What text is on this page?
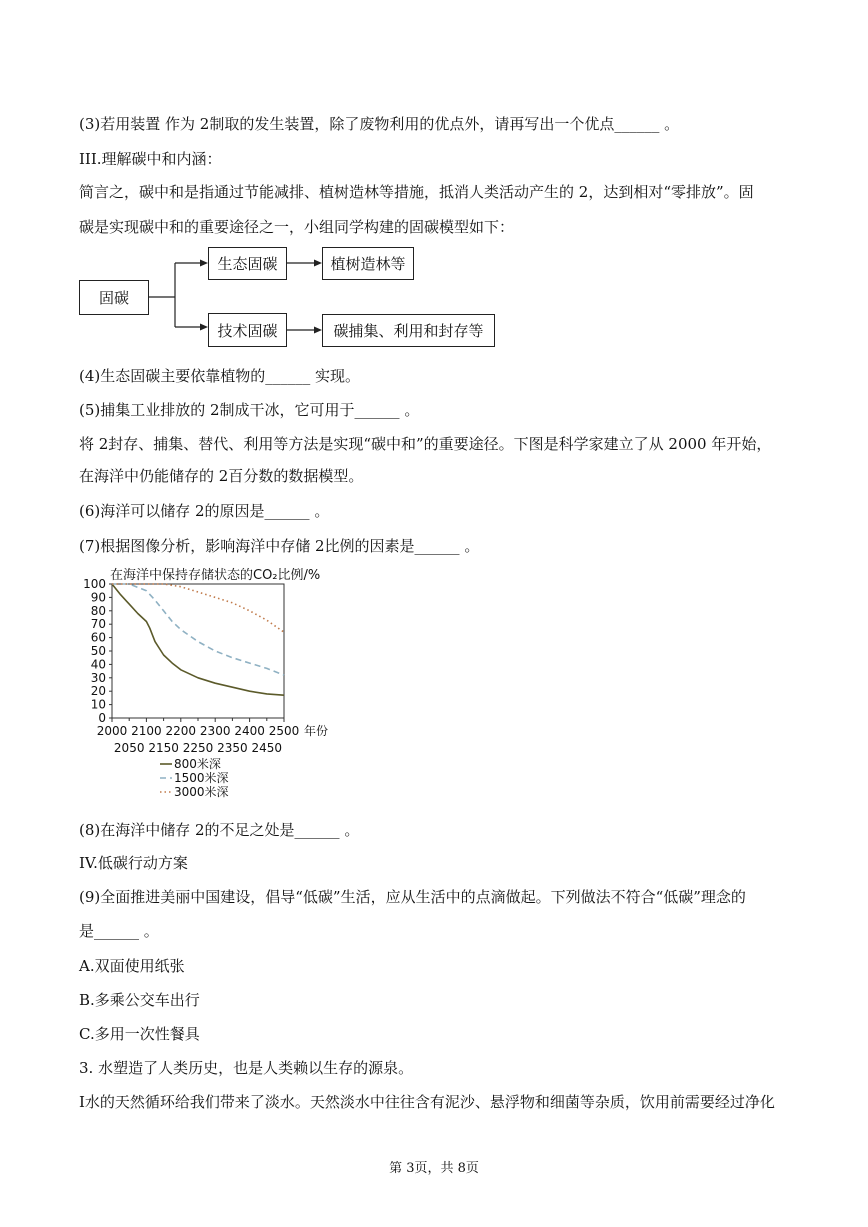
(3)若用装置 作为 2制取的发生装置，除了废物利用的优点外，请再写出一个优点______ 。
III.理解碳中和内涵：
简言之，碳中和是指通过节能减排、植树造林等措施，抵消人类活动产生的 2，达到相对“零排放”。固
碳是实现碳中和的重要途径之一，小组同学构建的固碳模型如下：
(4)生态固碳主要依靠植物的______ 实现。
(5)捕集工业排放的 2制成干冰，它可用于______ 。
将 2封存、捕集、替代、利用等方法是实现“碳中和”的重要途径。下图是科学家建立了从 2000 年开始，
在海洋中仍能储存的 2百分数的数据模型。
(6)海洋可以储存 2的原因是______ 。
(7)根据图像分析，影响海洋中存储 2比例的因素是______ 。
(8)在海洋中储存 2的不足之处是______ 。
IV.低碳行动方案
(9)全面推进美丽中国建设，倡导“低碳”生活，应从生活中的点滴做起。下列做法不符合“低碳”理念的
是______ 。
A.双面使用纸张
B.多乘公交车出行
C.多用一次性餐具
3. 水塑造了人类历史，也是人类赖以生存的源泉。
I水的天然循环给我们带来了淡水。天然淡水中往往含有泥沙、悬浮物和细菌等杂质，饮用前需要经过净化
固碳
生态固碳	植树造林等
技术固碳	碳捕集、利用和封存等
在海洋中保持存储状态的CO₂比例/%
0
10
20
30
40
50
60
70
80
90
100
2000 2100 2200 2300 2400 2500
2050 2150 2250 2350 2450
年份
800米深
1500米深
3000米深
第 3页，共 8页
